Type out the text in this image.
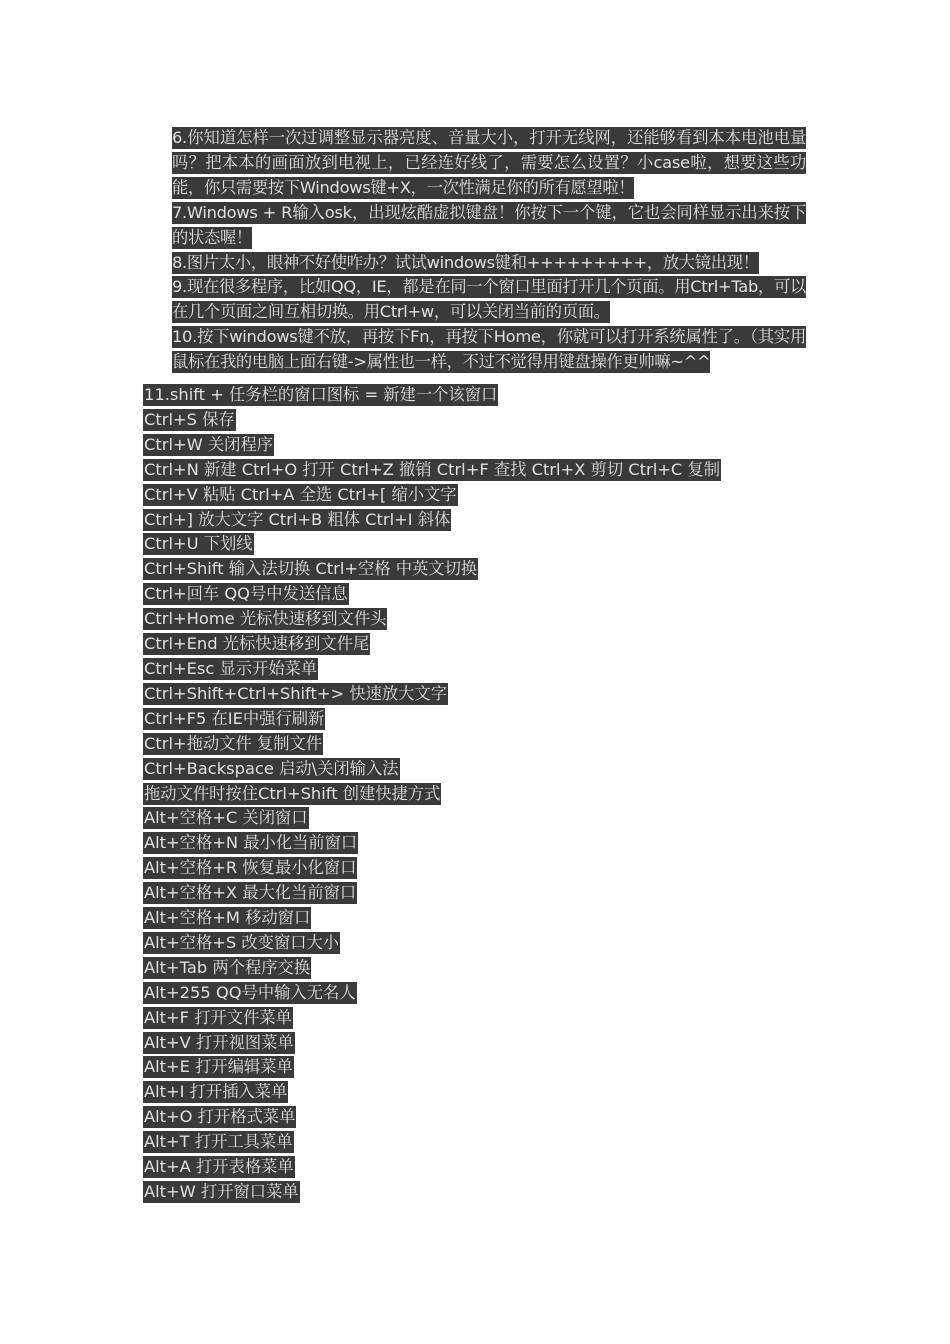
6.你知道怎样一次过调整显示器亮度、音量大小，打开无线网，还能够看到本本电池电量吗？把本本的画面放到电视上，已经连好线了，需要怎么设置？小case啦，想要这些功能，你只需要按下Windows键+X，一次性满足你的所有愿望啦！

7.Windows + R输入osk，出现炫酷虚拟键盘！你按下一个键，它也会同样显示出来按下的状态喔！

8.图片太小，眼神不好使咋办？试试windows键和+++++++++，放大镜出现！

9.现在很多程序，比如QQ，IE，都是在同一个窗口里面打开几个页面。用Ctrl+Tab，可以在几个页面之间互相切换。用Ctrl+w，可以关闭当前的页面。

10.按下windows键不放，再按下Fn，再按下Home，你就可以打开系统属性了。（其实用鼠标在我的电脑上面右键->属性也一样，不过不觉得用键盘操作更帅嘛~^^

11.shift + 任务栏的窗口图标 = 新建一个该窗口
Ctrl+S 保存
Ctrl+W 关闭程序
Ctrl+N 新建 Ctrl+O 打开 Ctrl+Z 撤销 Ctrl+F 查找 Ctrl+X 剪切 Ctrl+C 复制
Ctrl+V 粘贴 Ctrl+A 全选 Ctrl+[ 缩小文字
Ctrl+] 放大文字 Ctrl+B 粗体 Ctrl+I 斜体
Ctrl+U 下划线
Ctrl+Shift 输入法切换 Ctrl+空格 中英文切换
Ctrl+回车 QQ号中发送信息
Ctrl+Home 光标快速移到文件头
Ctrl+End 光标快速移到文件尾
Ctrl+Esc 显示开始菜单
Ctrl+Shift+Ctrl+Shift+> 快速放大文字
Ctrl+F5 在IE中强行刷新
Ctrl+拖动文件 复制文件
Ctrl+Backspace 启动\关闭输入法
拖动文件时按住Ctrl+Shift 创建快捷方式
Alt+空格+C 关闭窗口
Alt+空格+N 最小化当前窗口
Alt+空格+R 恢复最小化窗口
Alt+空格+X 最大化当前窗口
Alt+空格+M 移动窗口
Alt+空格+S 改变窗口大小
Alt+Tab 两个程序交换
Alt+255 QQ号中输入无名人
Alt+F 打开文件菜单
Alt+V 打开视图菜单
Alt+E 打开编辑菜单
Alt+I 打开插入菜单
Alt+O 打开格式菜单
Alt+T 打开工具菜单
Alt+A 打开表格菜单
Alt+W 打开窗口菜单
